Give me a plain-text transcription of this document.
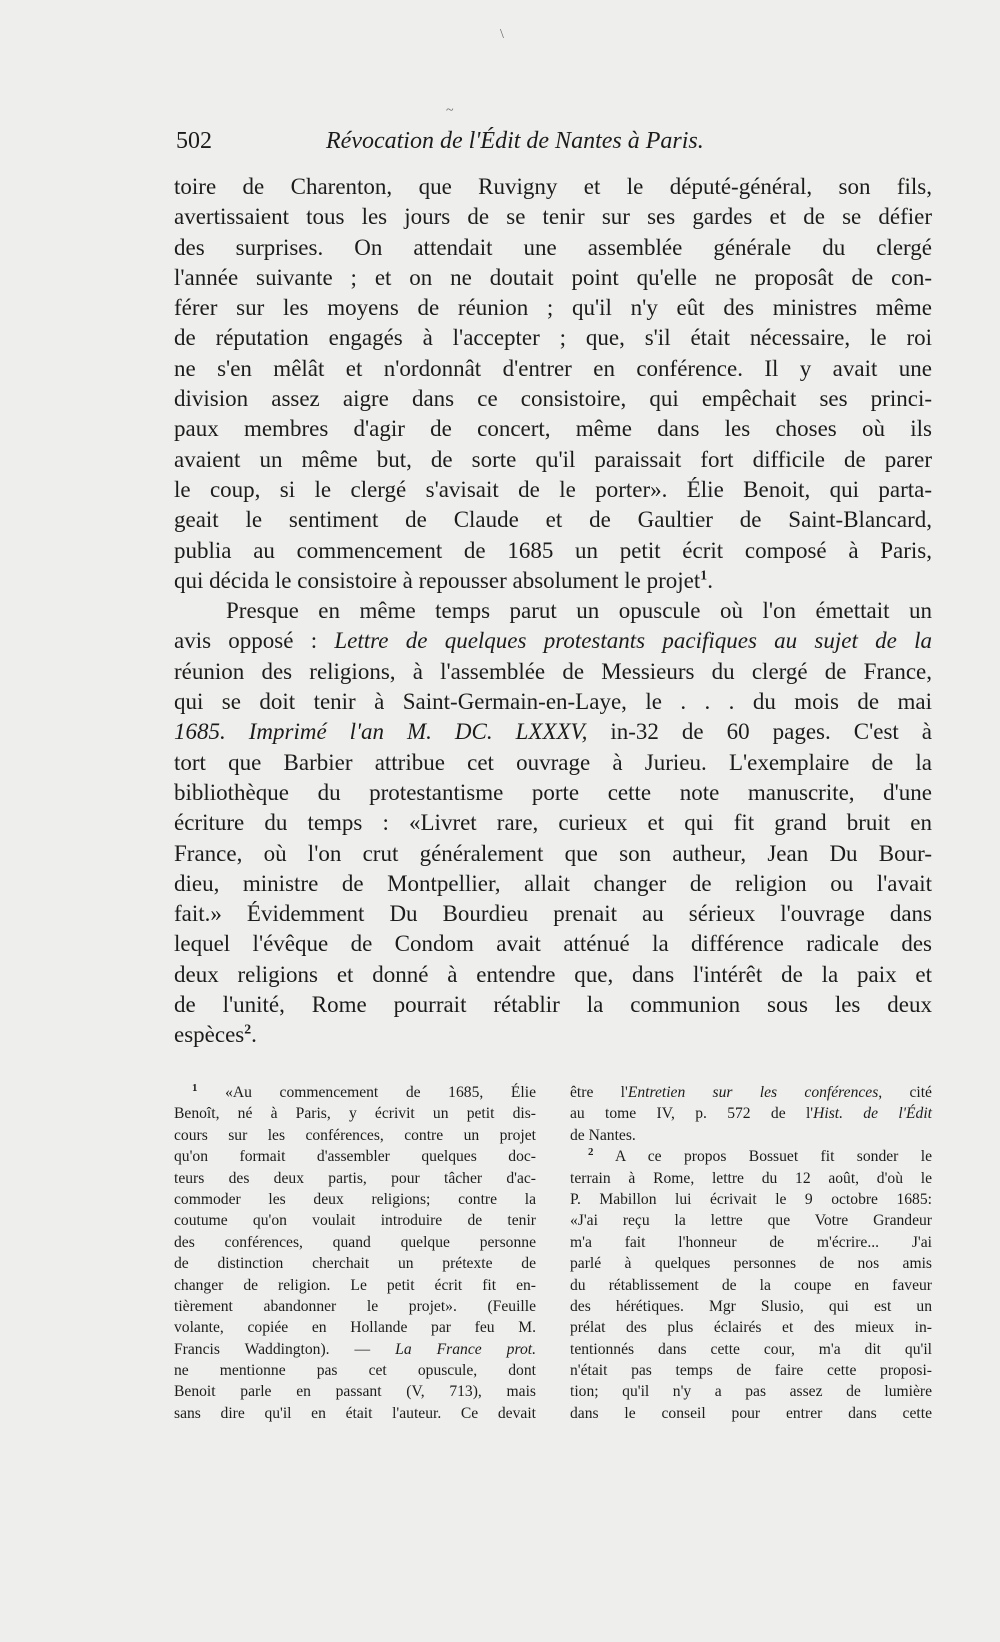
\
~
502	Révocation de l'Édit de Nantes à Paris.
toire de Charenton, que Ruvigny et le député-général, son fils,
avertissaient tous les jours de se tenir sur ses gardes et de se défier
des surprises. On attendait une assemblée générale du clergé
l'année suivante ; et on ne doutait point qu'elle ne proposât de con-
férer sur les moyens de réunion ; qu'il n'y eût des ministres même
de réputation engagés à l'accepter ; que, s'il était nécessaire, le roi
ne s'en mêlât et n'ordonnât d'entrer en conférence. Il y avait une
division assez aigre dans ce consistoire, qui empêchait ses princi-
paux membres d'agir de concert, même dans les choses où ils
avaient un même but, de sorte qu'il paraissait fort difficile de parer
le coup, si le clergé s'avisait de le porter». Élie Benoit, qui parta-
geait le sentiment de Claude et de Gaultier de Saint-Blancard,
publia au commencement de 1685 un petit écrit composé à Paris,
qui décida le consistoire à repousser absolument le projet$^1$.
Presque en même temps parut un opuscule où l'on émettait un
avis opposé : Lettre de quelques protestants pacifiques au sujet de la
réunion des religions, à l'assemblée de Messieurs du clergé de France,
qui se doit tenir à Saint-Germain-en-Laye, le . . . du mois de mai
1685. Imprimé l'an M. DC. LXXXV, in-32 de 60 pages. C'est à
tort que Barbier attribue cet ouvrage à Jurieu. L'exemplaire de la
bibliothèque du protestantisme porte cette note manuscrite, d'une
écriture du temps : «Livret rare, curieux et qui fit grand bruit en
France, où l'on crut généralement que son autheur, Jean Du Bour-
dieu, ministre de Montpellier, allait changer de religion ou l'avait
fait.» Évidemment Du Bourdieu prenait au sérieux l'ouvrage dans
lequel l'évêque de Condom avait atténué la différence radicale des
deux religions et donné à entendre que, dans l'intérêt de la paix et
de l'unité, Rome pourrait rétablir la communion sous les deux
espèces$^2$.
$^1$ «Au commencement de 1685, Élie
Benoît, né à Paris, y écrivit un petit dis-
cours sur les conférences, contre un projet
qu'on formait d'assembler quelques doc-
teurs des deux partis, pour tâcher d'ac-
commoder les deux religions; contre la
coutume qu'on voulait introduire de tenir
des conférences, quand quelque personne
de distinction cherchait un prétexte de
changer de religion. Le petit écrit fit en-
tièrement abandonner le projet». (Feuille
volante, copiée en Hollande par feu M.
Francis Waddington). — La France prot.
ne mentionne pas cet opuscule, dont
Benoit parle en passant (V, 713), mais
sans dire qu'il en était l'auteur. Ce devait
être l'Entretien sur les conférences, cité
au tome IV, p. 572 de l'Hist. de l'Édit
de Nantes.
$^2$ A ce propos Bossuet fit sonder le
terrain à Rome, lettre du 12 août, d'où le
P. Mabillon lui écrivait le 9 octobre 1685:
«J'ai reçu la lettre que Votre Grandeur
m'a fait l'honneur de m'écrire... J'ai
parlé à quelques personnes de nos amis
du rétablissement de la coupe en faveur
des hérétiques. Mgr Slusio, qui est un
prélat des plus éclairés et des mieux in-
tentionnés dans cette cour, m'a dit qu'il
n'était pas temps de faire cette proposi-
tion; qu'il n'y a pas assez de lumière
dans le conseil pour entrer dans cette
